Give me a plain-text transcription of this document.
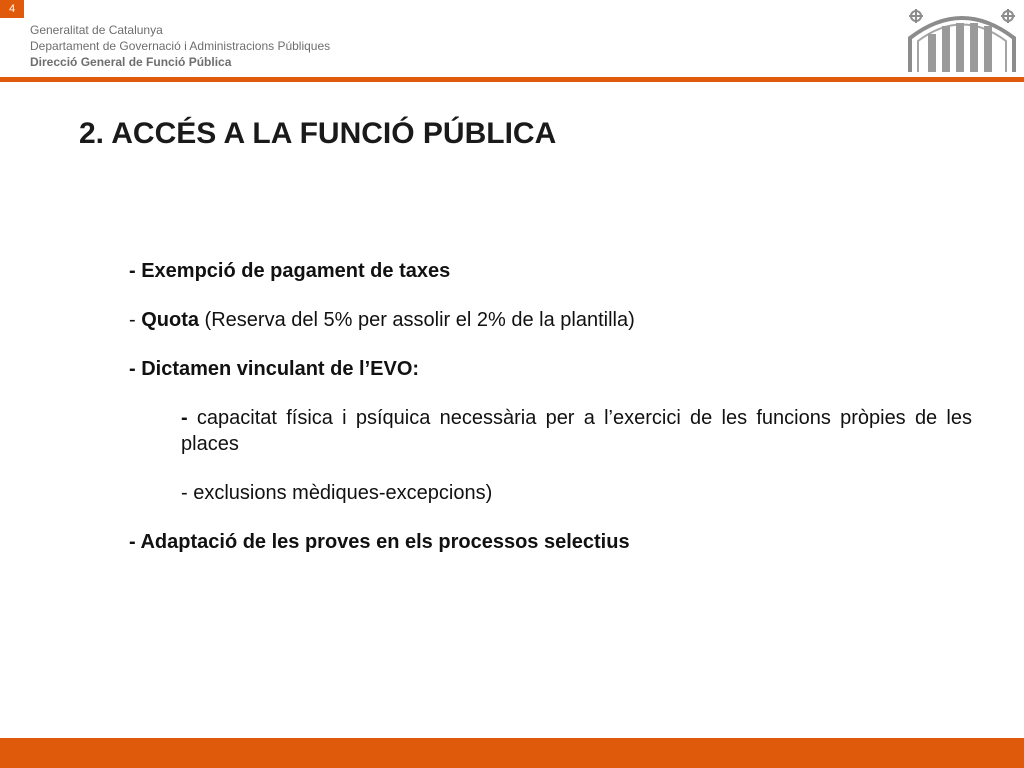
4
Generalitat de Catalunya
Departament de Governació i Administracions Públiques
Direcció General de Funció Pública
2. ACCÉS A LA FUNCIÓ PÚBLICA

- Exempció de pagament de taxes

- Quota (Reserva del 5% per assolir el 2% de la plantilla)

- Dictamen vinculant de l’EVO:

- capacitat física i psíquica necessària per a l’exercici de les funcions pròpies de les places

- exclusions mèdiques-excepcions)

- Adaptació de les proves en els processos selectius
